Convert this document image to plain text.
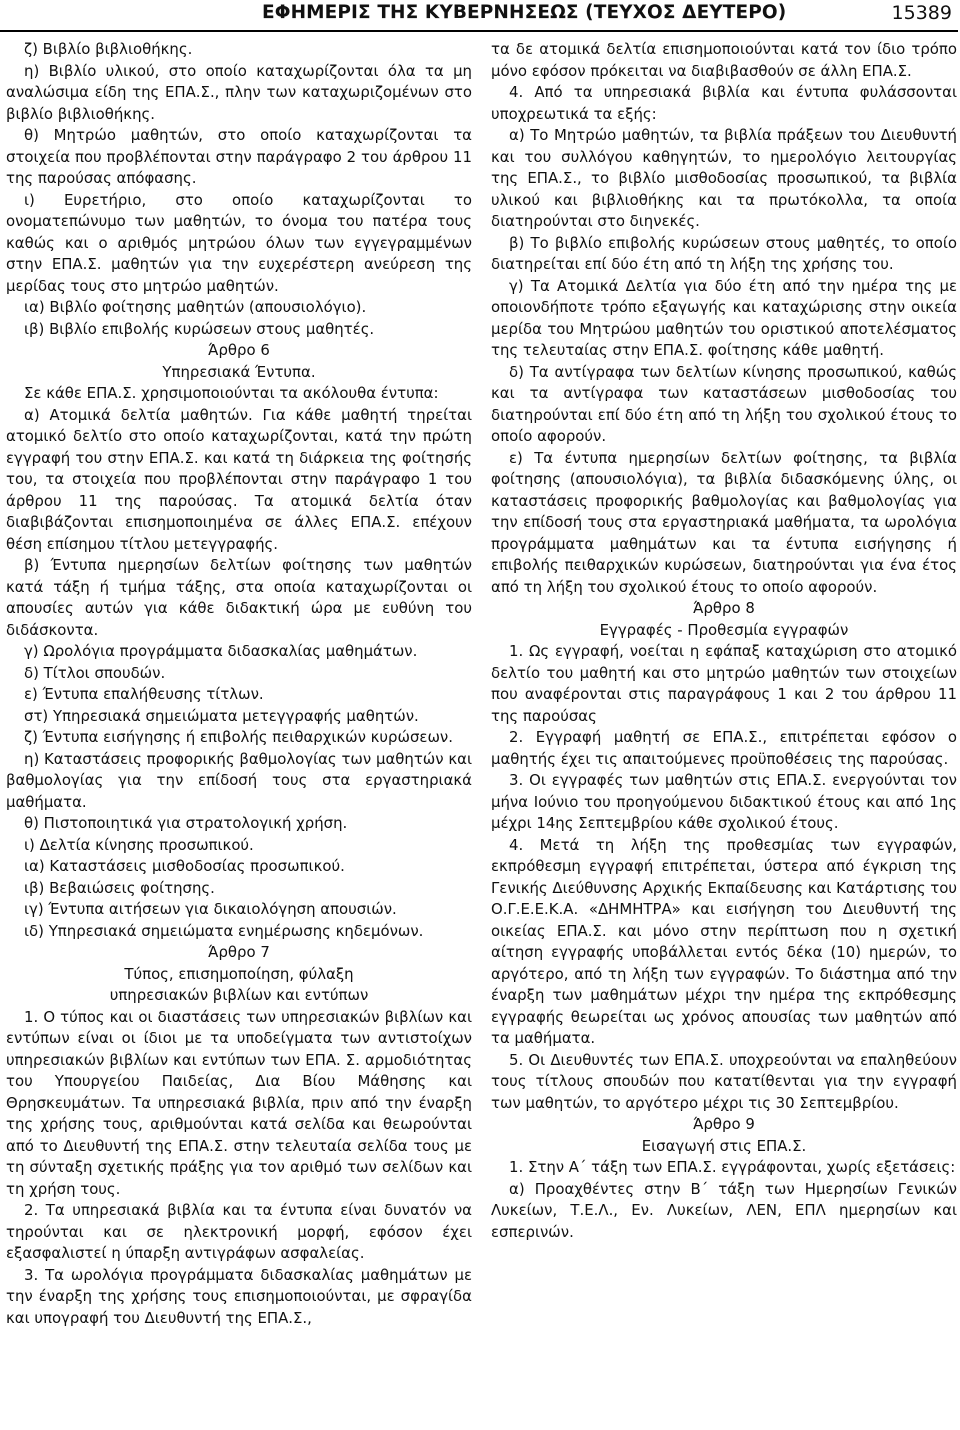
ΕΦΗΜΕΡΙΣ ΤΗΣ ΚΥΒΕΡΝΗΣΕΩΣ (ΤΕΥΧΟΣ ΔΕΥΤΕΡΟ)	15389

ζ) Βιβλίο βιβλιοθήκης.

η) Βιβλίο υλικού, στο οποίο καταχωρίζονται όλα τα μη αναλώσιμα είδη της ΕΠΑ.Σ., πλην των καταχωριζομένων στο βιβλίο βιβλιοθήκης.

θ) Μητρώο μαθητών, στο οποίο καταχωρίζονται τα στοιχεία που προβλέπονται στην παράγραφο 2 του άρθρου 11 της παρούσας απόφασης.

ι) Ευρετήριο, στο οποίο καταχωρίζονται το ονοματεπώνυμο των μαθητών, το όνομα του πατέρα τους καθώς και ο αριθμός μητρώου όλων των εγγεγραμμένων στην ΕΠΑ.Σ. μαθητών για την ευχερέστερη ανεύρεση της μερίδας τους στο μητρώο μαθητών.

ια) Βιβλίο φοίτησης μαθητών (απουσιολόγιο).

ιβ) Βιβλίο επιβολής κυρώσεων στους μαθητές.

Άρθρο 6

Υπηρεσιακά Έντυπα.

Σε κάθε ΕΠΑ.Σ. χρησιμοποιούνται τα ακόλουθα έντυπα:

α) Ατομικά δελτία μαθητών. Για κάθε μαθητή τηρείται ατομικό δελτίο στο οποίο καταχωρίζονται, κατά την πρώτη εγγραφή του στην ΕΠΑ.Σ. και κατά τη διάρκεια της φοίτησής του, τα στοιχεία που προβλέπονται στην παράγραφο 1 του άρθρου 11 της παρούσας. Τα ατομικά δελτία όταν διαβιβάζονται επισημοποιημένα σε άλλες ΕΠΑ.Σ. επέχουν θέση επίσημου τίτλου μετεγγραφής.

β) Έντυπα ημερησίων δελτίων φοίτησης των μαθητών κατά τάξη ή τμήμα τάξης, στα οποία καταχωρίζονται οι απουσίες αυτών για κάθε διδακτική ώρα με ευθύνη του διδάσκοντα.

γ) Ωρολόγια προγράμματα διδασκαλίας μαθημάτων.

δ) Τίτλοι σπουδών.

ε) Έντυπα επαλήθευσης τίτλων.

στ) Υπηρεσιακά σημειώματα μετεγγραφής μαθητών.

ζ) Έντυπα εισήγησης ή επιβολής πειθαρχικών κυρώσεων.

η) Καταστάσεις προφορικής βαθμολογίας των μαθητών και βαθμολογίας για την επίδοσή τους στα εργαστηριακά μαθήματα.

θ) Πιστοποιητικά για στρατολογική χρήση.

ι) Δελτία κίνησης προσωπικού.

ια) Καταστάσεις μισθοδοσίας προσωπικού.

ιβ) Βεβαιώσεις φοίτησης.

ιγ) Έντυπα αιτήσεων για δικαιολόγηση απουσιών.

ιδ) Υπηρεσιακά σημειώματα ενημέρωσης κηδεμόνων.

Άρθρο 7

Τύπος, επισημοποίηση, φύλαξη

υπηρεσιακών βιβλίων και εντύπων

1. Ο τύπος και οι διαστάσεις των υπηρεσιακών βιβλίων και εντύπων είναι οι ίδιοι με τα υποδείγματα των αντιστοίχων υπηρεσιακών βιβλίων και εντύπων των ΕΠΑ. Σ. αρμοδιότητας του Υπουργείου Παιδείας, Δια Βίου Μάθησης και Θρησκευμάτων. Τα υπηρεσιακά βιβλία, πριν από την έναρξη της χρήσης τους, αριθμούνται κατά σελίδα και θεωρούνται από το Διευθυντή της ΕΠΑ.Σ. στην τελευταία σελίδα τους με τη σύνταξη σχετικής πράξης για τον αριθμό των σελίδων και τη χρήση τους.

2. Τα υπηρεσιακά βιβλία και τα έντυπα είναι δυνατόν να τηρούνται και σε ηλεκτρονική μορφή, εφόσον έχει εξασφαλιστεί η ύπαρξη αντιγράφων ασφαλείας.

3. Τα ωρολόγια προγράμματα διδασκαλίας μαθημάτων με την έναρξη της χρήσης τους επισημοποιούνται, με σφραγίδα και υπογραφή του Διευθυντή της ΕΠΑ.Σ.,

τα δε ατομικά δελτία επισημοποιούνται κατά τον ίδιο τρόπο μόνο εφόσον πρόκειται να διαβιβασθούν σε άλλη ΕΠΑ.Σ.

4. Από τα υπηρεσιακά βιβλία και έντυπα φυλάσσονται υποχρεωτικά τα εξής:

α) Το Μητρώο μαθητών, τα βιβλία πράξεων του Διευθυντή και του συλλόγου καθηγητών, το ημερολόγιο λειτουργίας της ΕΠΑ.Σ., το βιβλίο μισθοδοσίας προσωπικού, τα βιβλία υλικού και βιβλιοθήκης και τα πρωτόκολλα, τα οποία διατηρούνται στο διηνεκές.

β) Το βιβλίο επιβολής κυρώσεων στους μαθητές, το οποίο διατηρείται επί δύο έτη από τη λήξη της χρήσης του.

γ) Τα Ατομικά Δελτία για δύο έτη από την ημέρα της με οποιονδήποτε τρόπο εξαγωγής και καταχώρισης στην οικεία μερίδα του Μητρώου μαθητών του οριστικού αποτελέσματος της τελευταίας στην ΕΠΑ.Σ. φοίτησης κάθε μαθητή.

δ) Τα αντίγραφα των δελτίων κίνησης προσωπικού, καθώς και τα αντίγραφα των καταστάσεων μισθοδοσίας του διατηρούνται επί δύο έτη από τη λήξη του σχολικού έτους το οποίο αφορούν.

ε) Τα έντυπα ημερησίων δελτίων φοίτησης, τα βιβλία φοίτησης (απουσιολόγια), τα βιβλία διδασκόμενης ύλης, οι καταστάσεις προφορικής βαθμολογίας και βαθμολογίας για την επίδοσή τους στα εργαστηριακά μαθήματα, τα ωρολόγια προγράμματα μαθημάτων και τα έντυπα εισήγησης ή επιβολής πειθαρχικών κυρώσεων, διατηρούνται για ένα έτος από τη λήξη του σχολικού έτους το οποίο αφορούν.

Άρθρο 8

Εγγραφές - Προθεσμία εγγραφών

1. Ως εγγραφή, νοείται η εφάπαξ καταχώριση στο ατομικό δελτίο του μαθητή και στο μητρώο μαθητών των στοιχείων που αναφέρονται στις παραγράφους 1 και 2 του άρθρου 11 της παρούσας

2. Εγγραφή μαθητή σε ΕΠΑ.Σ., επιτρέπεται εφόσον ο μαθητής έχει τις απαιτούμενες προϋποθέσεις της παρούσας.

3. Οι εγγραφές των μαθητών στις ΕΠΑ.Σ. ενεργούνται τον μήνα Ιούνιο του προηγούμενου διδακτικού έτους και από 1ης μέχρι 14ης Σεπτεμβρίου κάθε σχολικού έτους.

4. Μετά τη λήξη της προθεσμίας των εγγραφών, εκπρόθεσμη εγγραφή επιτρέπεται, ύστερα από έγκριση της Γενικής Διεύθυνσης Αρχικής Εκπαίδευσης και Κατάρτισης του Ο.Γ.Ε.Ε.Κ.Α. «ΔΗΜΗΤΡΑ» και εισήγηση του Διευθυντή της οικείας ΕΠΑ.Σ. και μόνο στην περίπτωση που η σχετική αίτηση εγγραφής υποβάλλεται εντός δέκα (10) ημερών, το αργότερο, από τη λήξη των εγγραφών. Το διάστημα από την έναρξη των μαθημάτων μέχρι την ημέρα της εκπρόθεσμης εγγραφής θεωρείται ως χρόνος απουσίας των μαθητών από τα μαθήματα.

5. Οι Διευθυντές των ΕΠΑ.Σ. υποχρεούνται να επαληθεύουν τους τίτλους σπουδών που κατατίθενται για την εγγραφή των μαθητών, το αργότερο μέχρι τις 30 Σεπτεμβρίου.

Άρθρο 9

Εισαγωγή στις ΕΠΑ.Σ.

1. Στην Α΄ τάξη των ΕΠΑ.Σ. εγγράφονται, χωρίς εξετάσεις:

α) Προαχθέντες στην Β΄ τάξη των Ημερησίων Γενικών Λυκείων, Τ.Ε.Λ., Εν. Λυκείων, ΛΕΝ, ΕΠΛ ημερησίων και εσπερινών.
